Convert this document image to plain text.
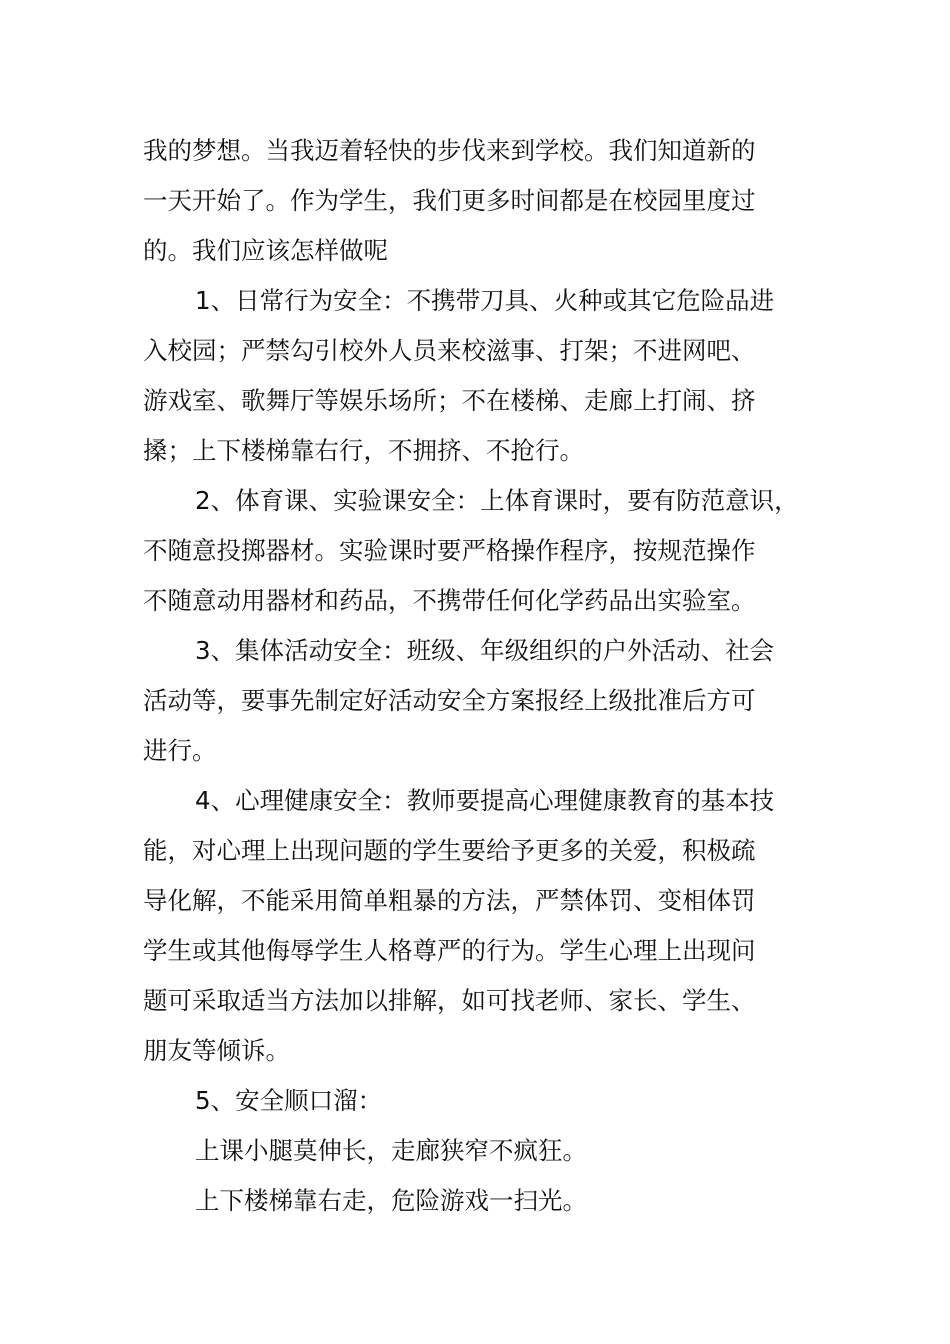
我的梦想。当我迈着轻快的步伐来到学校。我们知道新的
一天开始了。作为学生，我们更多时间都是在校园里度过
的。我们应该怎样做呢
1、日常行为安全：不携带刀具、火种或其它危险品进
入校园；严禁勾引校外人员来校滋事、打架；不进网吧、
游戏室、歌舞厅等娱乐场所；不在楼梯、走廊上打闹、挤
搡；上下楼梯靠右行，不拥挤、不抢行。
2、体育课、实验课安全：上体育课时，要有防范意识，
不随意投掷器材。实验课时要严格操作程序，按规范操作
不随意动用器材和药品，不携带任何化学药品出实验室。
3、集体活动安全：班级、年级组织的户外活动、社会
活动等，要事先制定好活动安全方案报经上级批准后方可
进行。
4、心理健康安全：教师要提高心理健康教育的基本技
能，对心理上出现问题的学生要给予更多的关爱，积极疏
导化解，不能采用简单粗暴的方法，严禁体罚、变相体罚
学生或其他侮辱学生人格尊严的行为。学生心理上出现问
题可采取适当方法加以排解，如可找老师、家长、学生、
朋友等倾诉。
5、安全顺口溜：
上课小腿莫伸长，走廊狭窄不疯狂。
上下楼梯靠右走，危险游戏一扫光。
